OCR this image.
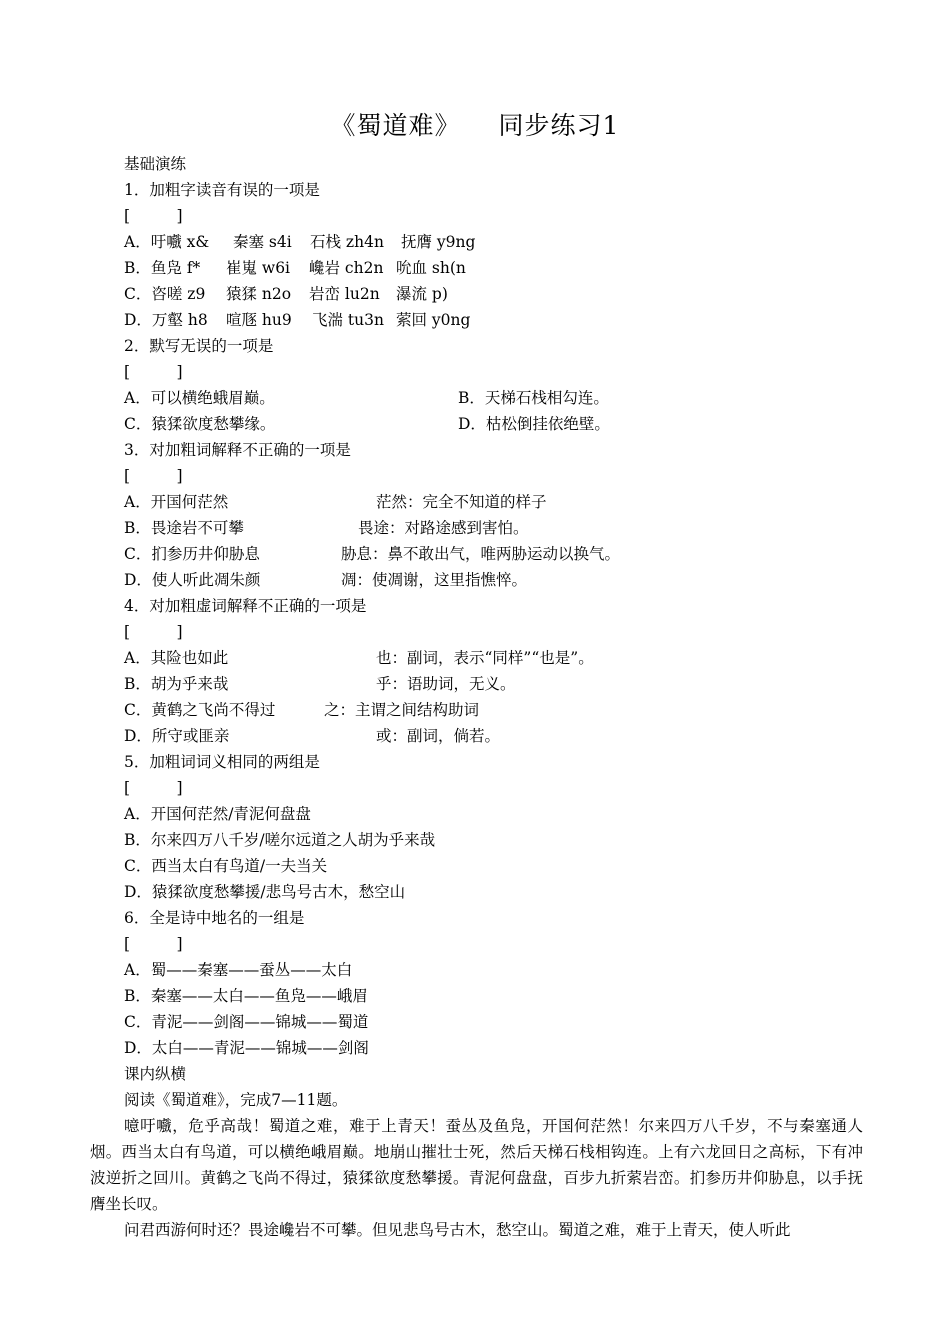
《蜀道难》 同步练习1
基础演练
1．加粗字读音有误的一项是
[　　　]
A．吁嚱 x& 秦塞 s4i 石栈 zh4n 抚膺 y9ng
B．鱼凫 f* 崔嵬 w6i 巉岩 ch2n 吮血 sh(n
C．咨嗟 z9 猿猱 n2o 岩峦 lu2n 瀑流 p)
D．万壑 h8 喧豗 hu9 飞湍 tu3n 萦回 y0ng
2．默写无误的一项是
[　　　]
A．可以横绝蛾眉巅。	B．天梯石栈相勾连。
C．猿猱欲度愁攀缘。	D．枯松倒挂依绝壁。
3．对加粗词解释不正确的一项是
[　　　]
A．开国何茫然	茫然：完全不知道的样子
B．畏途岩不可攀	畏途：对路途感到害怕。
C．扪参历井仰胁息	胁息：鼻不敢出气，唯两胁运动以换气。
D．使人听此凋朱颜	凋：使凋谢，这里指憔悴。
4．对加粗虚词解释不正确的一项是
[　　　]
A．其险也如此	也：副词，表示“同样”“也是”。
B．胡为乎来哉	乎：语助词，无义。
C．黄鹤之飞尚不得过	之：主谓之间结构助词
D．所守或匪亲	或：副词，倘若。
5．加粗词词义相同的两组是
[　　　]
A．开国何茫然/青泥何盘盘
B．尔来四万八千岁/嗟尔远道之人胡为乎来哉
C．西当太白有鸟道/一夫当关
D．猿猱欲度愁攀援/悲鸟号古木，愁空山
6．全是诗中地名的一组是
[　　　]
A．蜀——秦塞——蚕丛——太白
B．秦塞——太白——鱼凫——峨眉
C．青泥——剑阁——锦城——蜀道
D．太白——青泥——锦城——剑阁
课内纵横
阅读《蜀道难》，完成7—11题。
噫吁嚱，危乎高哉！蜀道之难，难于上青天！蚕丛及鱼凫，开国何茫然！尔来四万八千岁，不与秦塞通人烟。西当太白有鸟道，可以横绝峨眉巅。地崩山摧壮士死，然后天梯石栈相钩连。上有六龙回日之高标，下有冲波逆折之回川。黄鹤之飞尚不得过，猿猱欲度愁攀援。青泥何盘盘，百步九折萦岩峦。扪参历井仰胁息，以手抚膺坐长叹。
问君西游何时还？畏途巉岩不可攀。但见悲鸟号古木，愁空山。蜀道之难，难于上青天，使人听此
